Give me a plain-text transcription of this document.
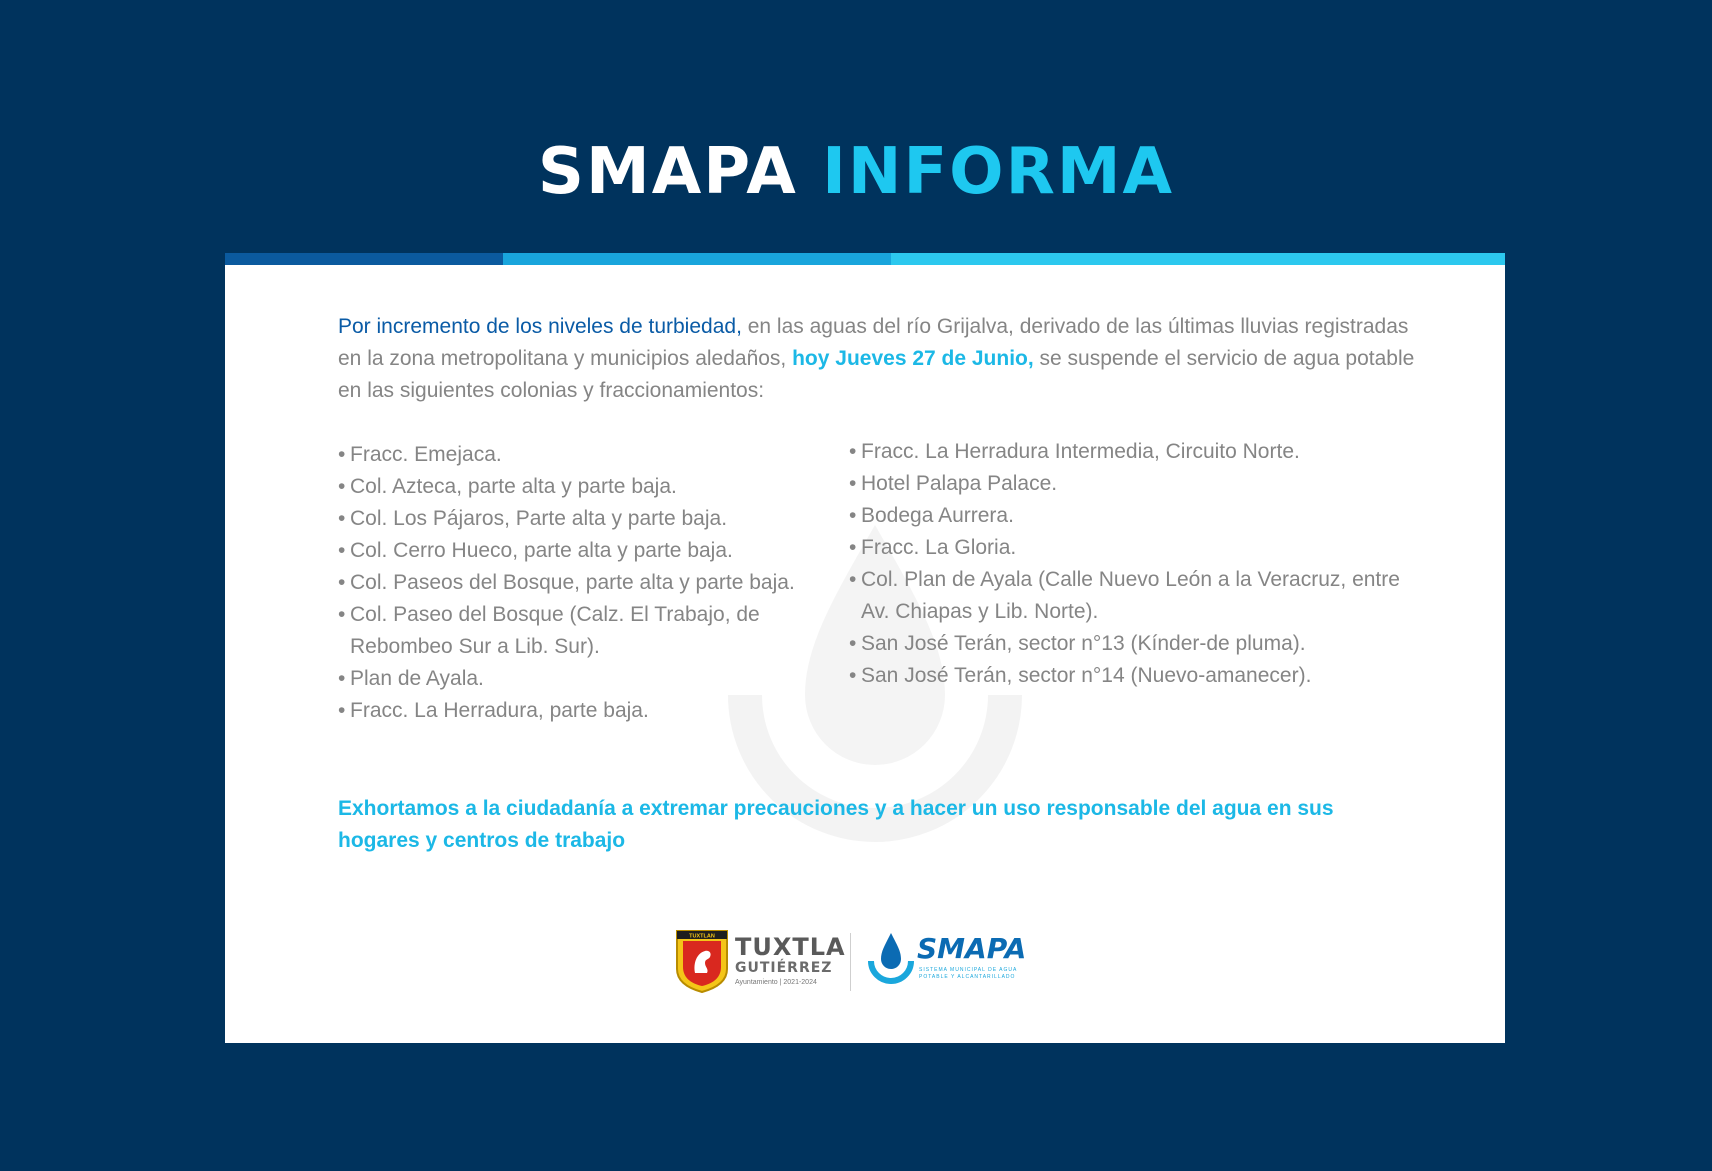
SMAPA INFORMA
Por incremento de los niveles de turbiedad, en las aguas del río Grijalva, derivado de las últimas lluvias registradas en la zona metropolitana y municipios aledaños, hoy Jueves 27 de Junio, se suspende el servicio de agua potable en las siguientes colonias y fraccionamientos:
• Fracc. Emejaca.
• Col. Azteca, parte alta y parte baja.
• Col. Los Pájaros, Parte alta y parte baja.
• Col. Cerro Hueco, parte alta y parte baja.
• Col. Paseos del Bosque, parte alta y parte baja.
• Col. Paseo del Bosque (Calz. El Trabajo, de Rebombeo Sur a Lib. Sur).
• Plan de Ayala.
• Fracc. La Herradura, parte baja.
• Fracc. La Herradura Intermedia, Circuito Norte.
• Hotel Palapa Palace.
• Bodega Aurrera.
• Fracc. La Gloria.
• Col. Plan de Ayala (Calle Nuevo León a la Veracruz, entre Av. Chiapas y Lib. Norte).
• San José Terán, sector n°13 (Kínder-de pluma).
• San José Terán, sector n°14 (Nuevo-amanecer).
Exhortamos a la ciudadanía a extremar precauciones y a hacer un uso responsable del agua en sus hogares y centros de trabajo
TUXTLAN TUXTLA
GUTIÉRREZ
Ayuntamiento | 2021-2024
SMAPA
SISTEMA MUNICIPAL DE AGUA POTABLE Y ALCANTARILLADO
